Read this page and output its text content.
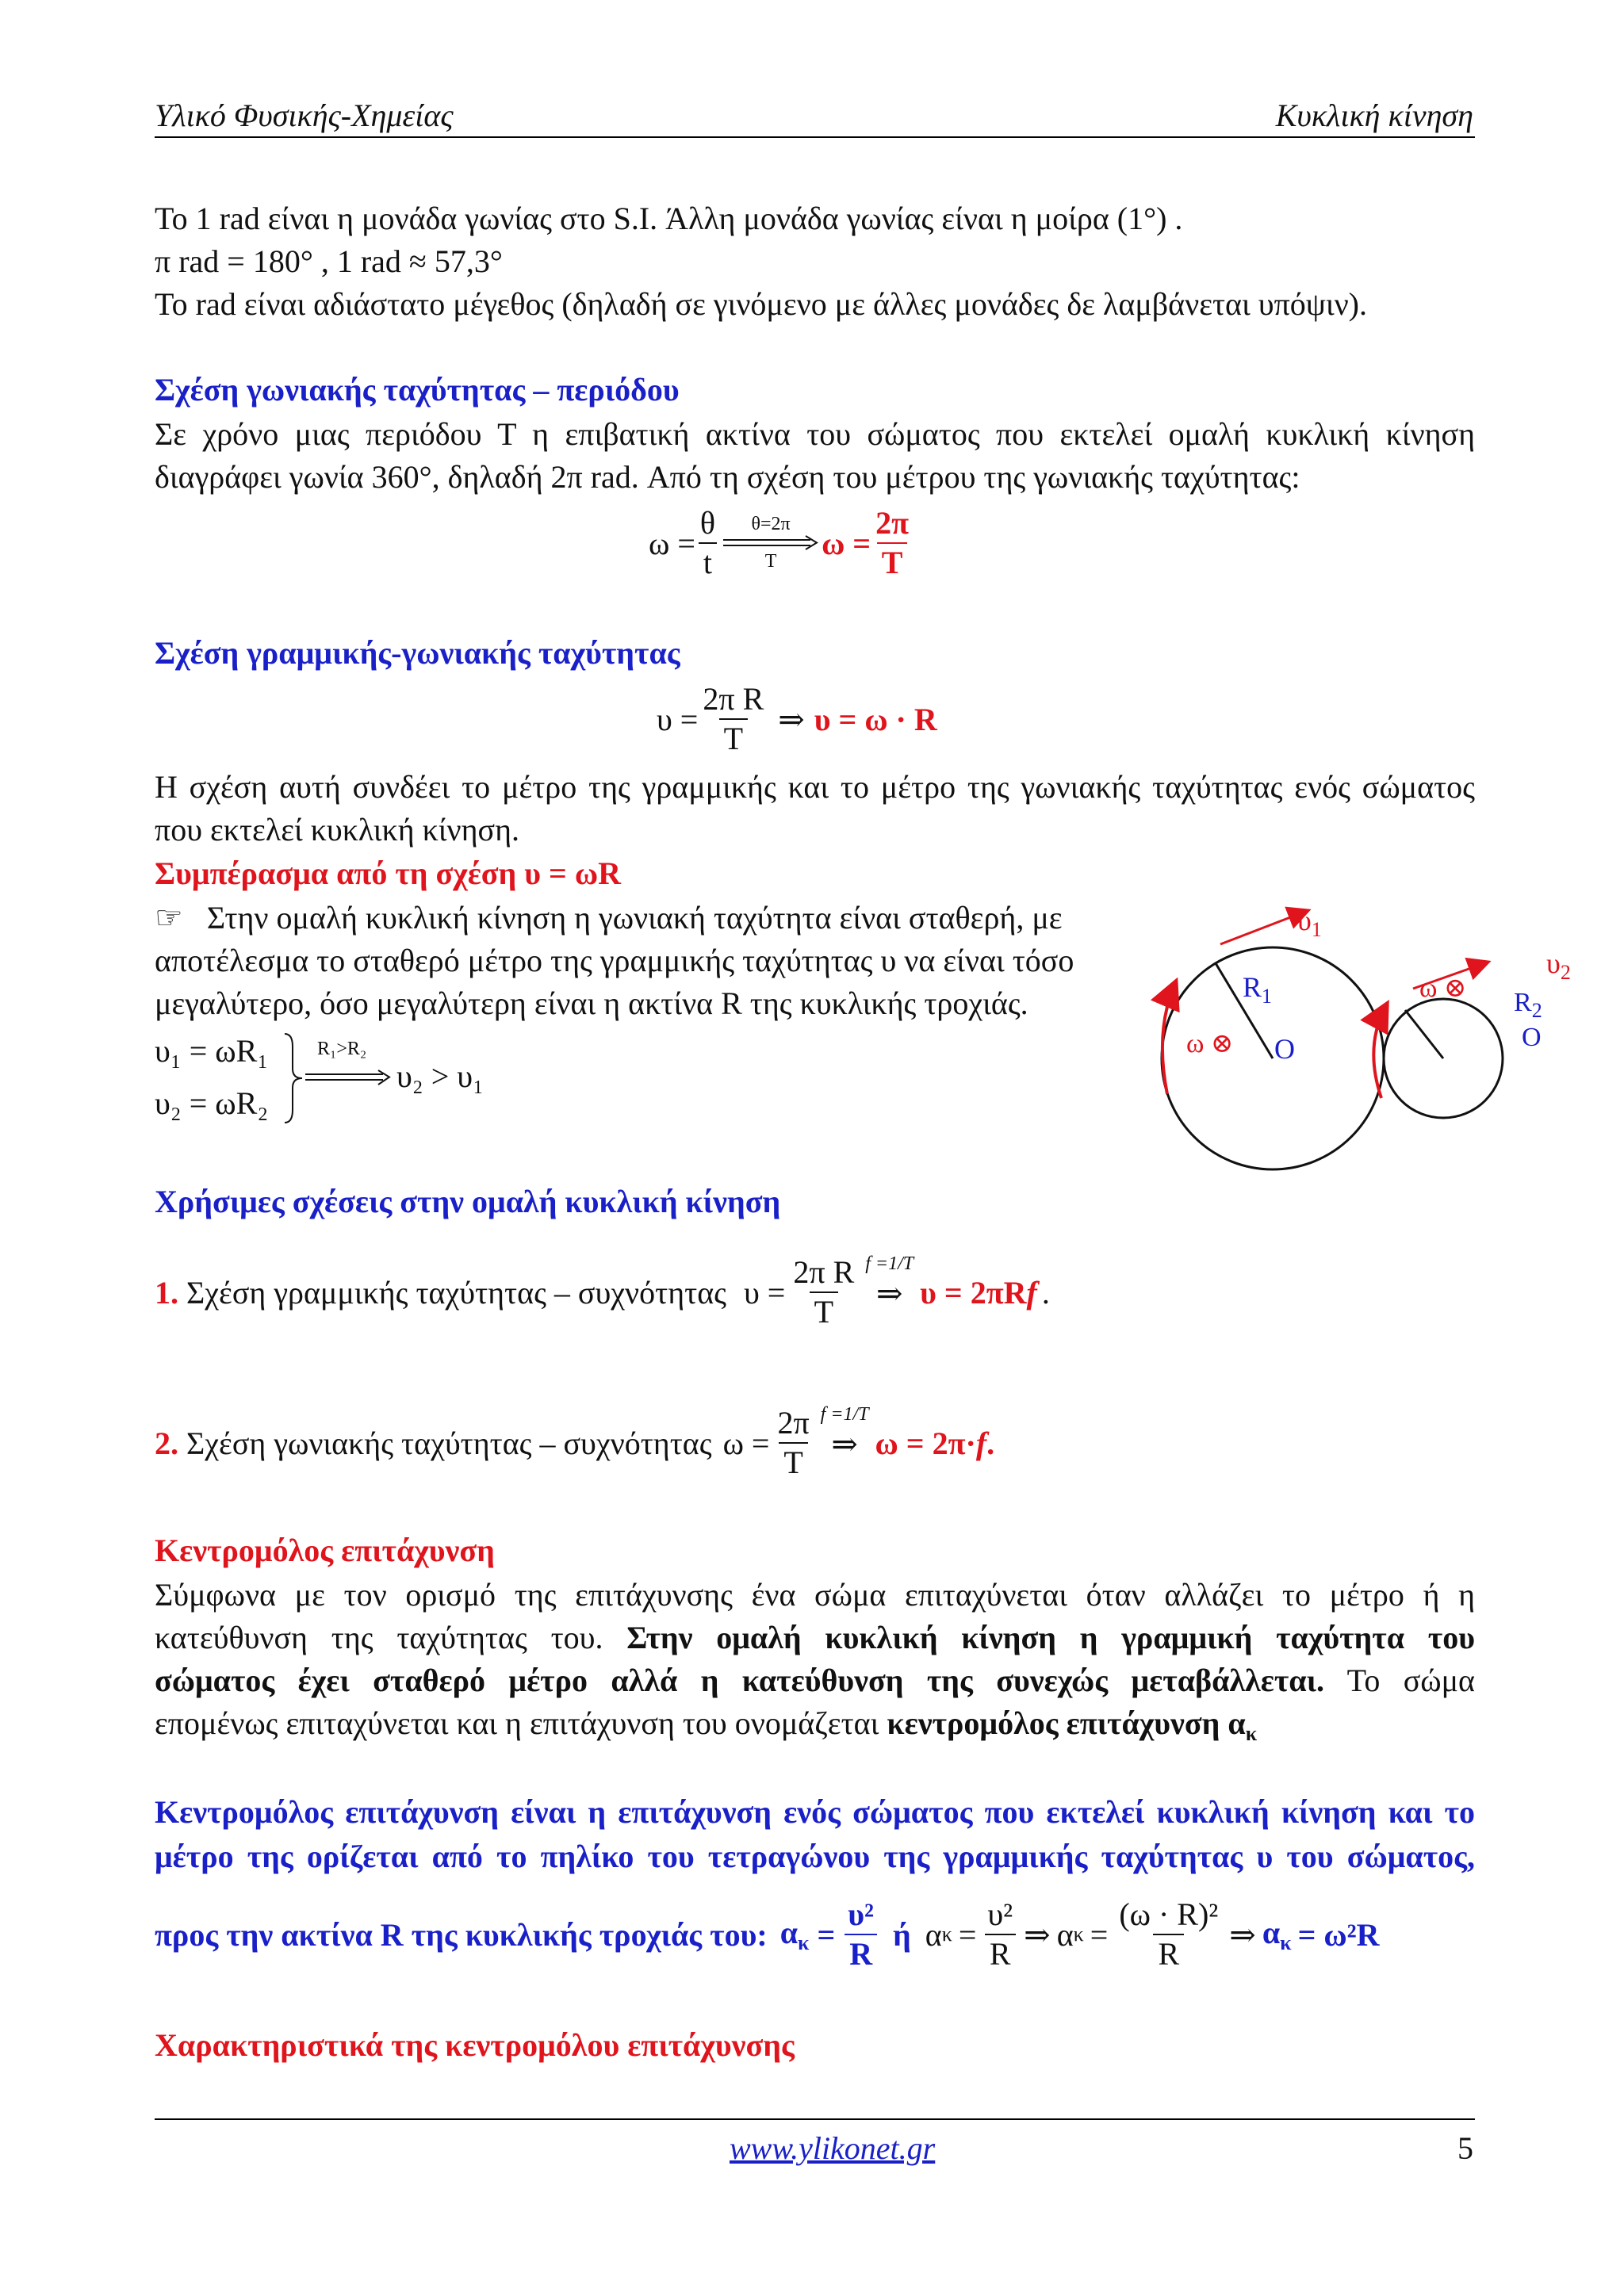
Υλικό Φυσικής-Χημείας	Κυκλική κίνηση
Το 1 rad είναι η μονάδα γωνίας στο S.I. Άλλη μονάδα γωνίας είναι η μοίρα (1°) .
π rad = 180° , 1 rad ≈ 57,3°
Το rad είναι αδιάστατο μέγεθος (δηλαδή σε γινόμενο με άλλες μονάδες δε λαμβάνεται υπόψιν).
Σχέση γωνιακής ταχύτητας – περιόδου
Σε χρόνο μιας περιόδου Τ η επιβατική ακτίνα του σώματος που εκτελεί ομαλή κυκλική κίνηση
διαγράφει γωνία 360°, δηλαδή 2π rad. Από τη σχέση του μέτρου της γωνιακής ταχύτητας:
$\omega = \frac{\theta}{t} \theta=2\pi$
T
$\omega = \frac{2\pi}{T}$
Σχέση γραμμικής-γωνιακής ταχύτητας
$\upsilon = \frac{\text{2π R}}{T}$ ⇒ υ = ω · R
Η σχέση αυτή συνδέει το μέτρο της γραμμικής και το μέτρο της γωνιακής ταχύτητας ενός σώματος
που εκτελεί κυκλική κίνηση.
Συμπέρασμα από τη σχέση υ = ωR
☞ Στην ομαλή κυκλική κίνηση η γωνιακή ταχύτητα είναι σταθερή, με
αποτέλεσμα το σταθερό μέτρο της γραμμικής ταχύτητας υ να είναι τόσο
μεγαλύτερο, όσο μεγαλύτερη είναι η ακτίνα R της κυκλικής τροχιάς.
υ₁ = ωR₁
υ₂ = ωR₂
R₁>R₂
υ₂ > υ₁
$\upsilon_1$
$R_1$
O
ω ⊗
$\upsilon_2$
$R_2$
O
ω ⊗
Χρήσιμες σχέσεις στην ομαλή κυκλική κίνηση
1. Σχέση γραμμικής ταχύτητας – συχνότητας $\upsilon = \frac{\text{2π R}}{T}$ f =1/T
⇒ υ = 2πR f .
2. Σχέση γωνιακής ταχύτητας – συχνότητας $\omega = \frac{2\pi}{T}$ f =1/T
⇒ ω = 2π· f .
Κεντρομόλος επιτάχυνση
Σύμφωνα με τον ορισμό της επιτάχυνσης ένα σώμα επιταχύνεται όταν αλλάζει το μέτρο ή η
κατεύθυνση της ταχύτητας του. Στην ομαλή κυκλική κίνηση η γραμμική ταχύτητα του
σώματος έχει σταθερό μέτρο αλλά η κατεύθυνση της συνεχώς μεταβάλλεται. Το σώμα
επομένως επιταχύνεται και η επιτάχυνση του ονομάζεται κεντρομόλος επιτάχυνση $\alpha_\kappa$
Κεντρομόλος επιτάχυνση είναι η επιτάχυνση ενός σώματος που εκτελεί κυκλική κίνηση και το
μέτρο της ορίζεται από το πηλίκο του τετραγώνου της γραμμικής ταχύτητας υ του σώματος,
προς την ακτίνα R της κυκλικής τροχιάς του: $\alpha_\kappa = \frac{\text{υ²}}{R}$ ή α $\kappa = \frac{\text{υ²}}{R}$ ⇒ α $\kappa = \frac{\text{(ω · R)²}}{R}$ ⇒ $\alpha_\kappa = \omega^2R$
Χαρακτηριστικά της κεντρομόλου επιτάχυνσης
www.ylikonet.gr	5
